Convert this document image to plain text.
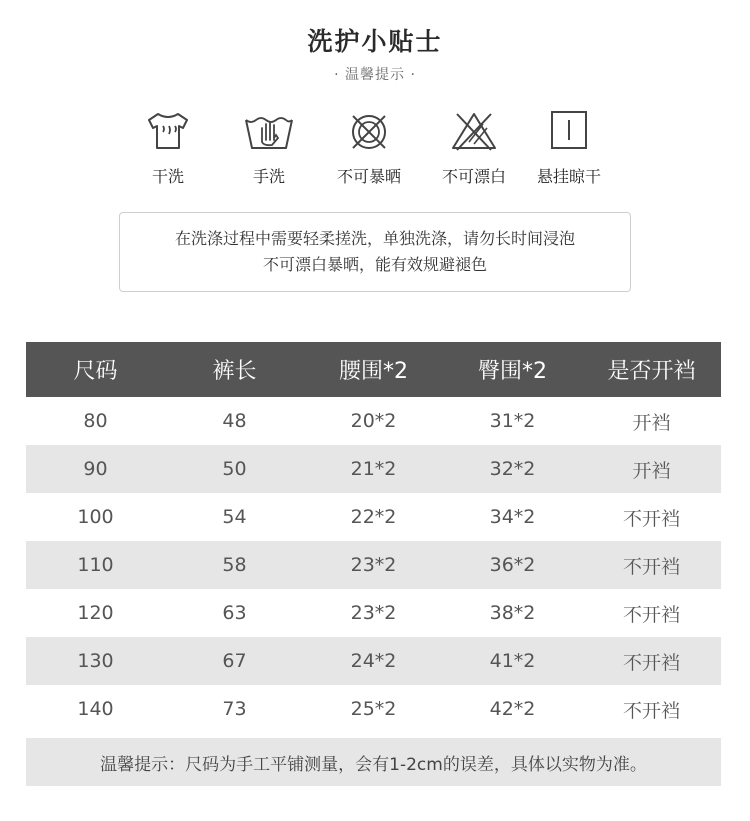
洗护小贴士
· 温馨提示 ·
干洗	手洗	不可暴晒	不可漂白	悬挂晾干
在洗涤过程中需要轻柔搓洗，单独洗涤，请勿长时间浸泡
不可漂白暴晒，能有效规避褪色
尺码	裤长	腰围*2	臀围*2	是否开裆
80	48	20*2	31*2	开裆
90	50	21*2	32*2	开裆
100	54	22*2	34*2	不开裆
110	58	23*2	36*2	不开裆
120	63	23*2	38*2	不开裆
130	67	24*2	41*2	不开裆
140	73	25*2	42*2	不开裆
温馨提示：尺码为手工平铺测量，会有1-2cm的误差，具体以实物为准。
